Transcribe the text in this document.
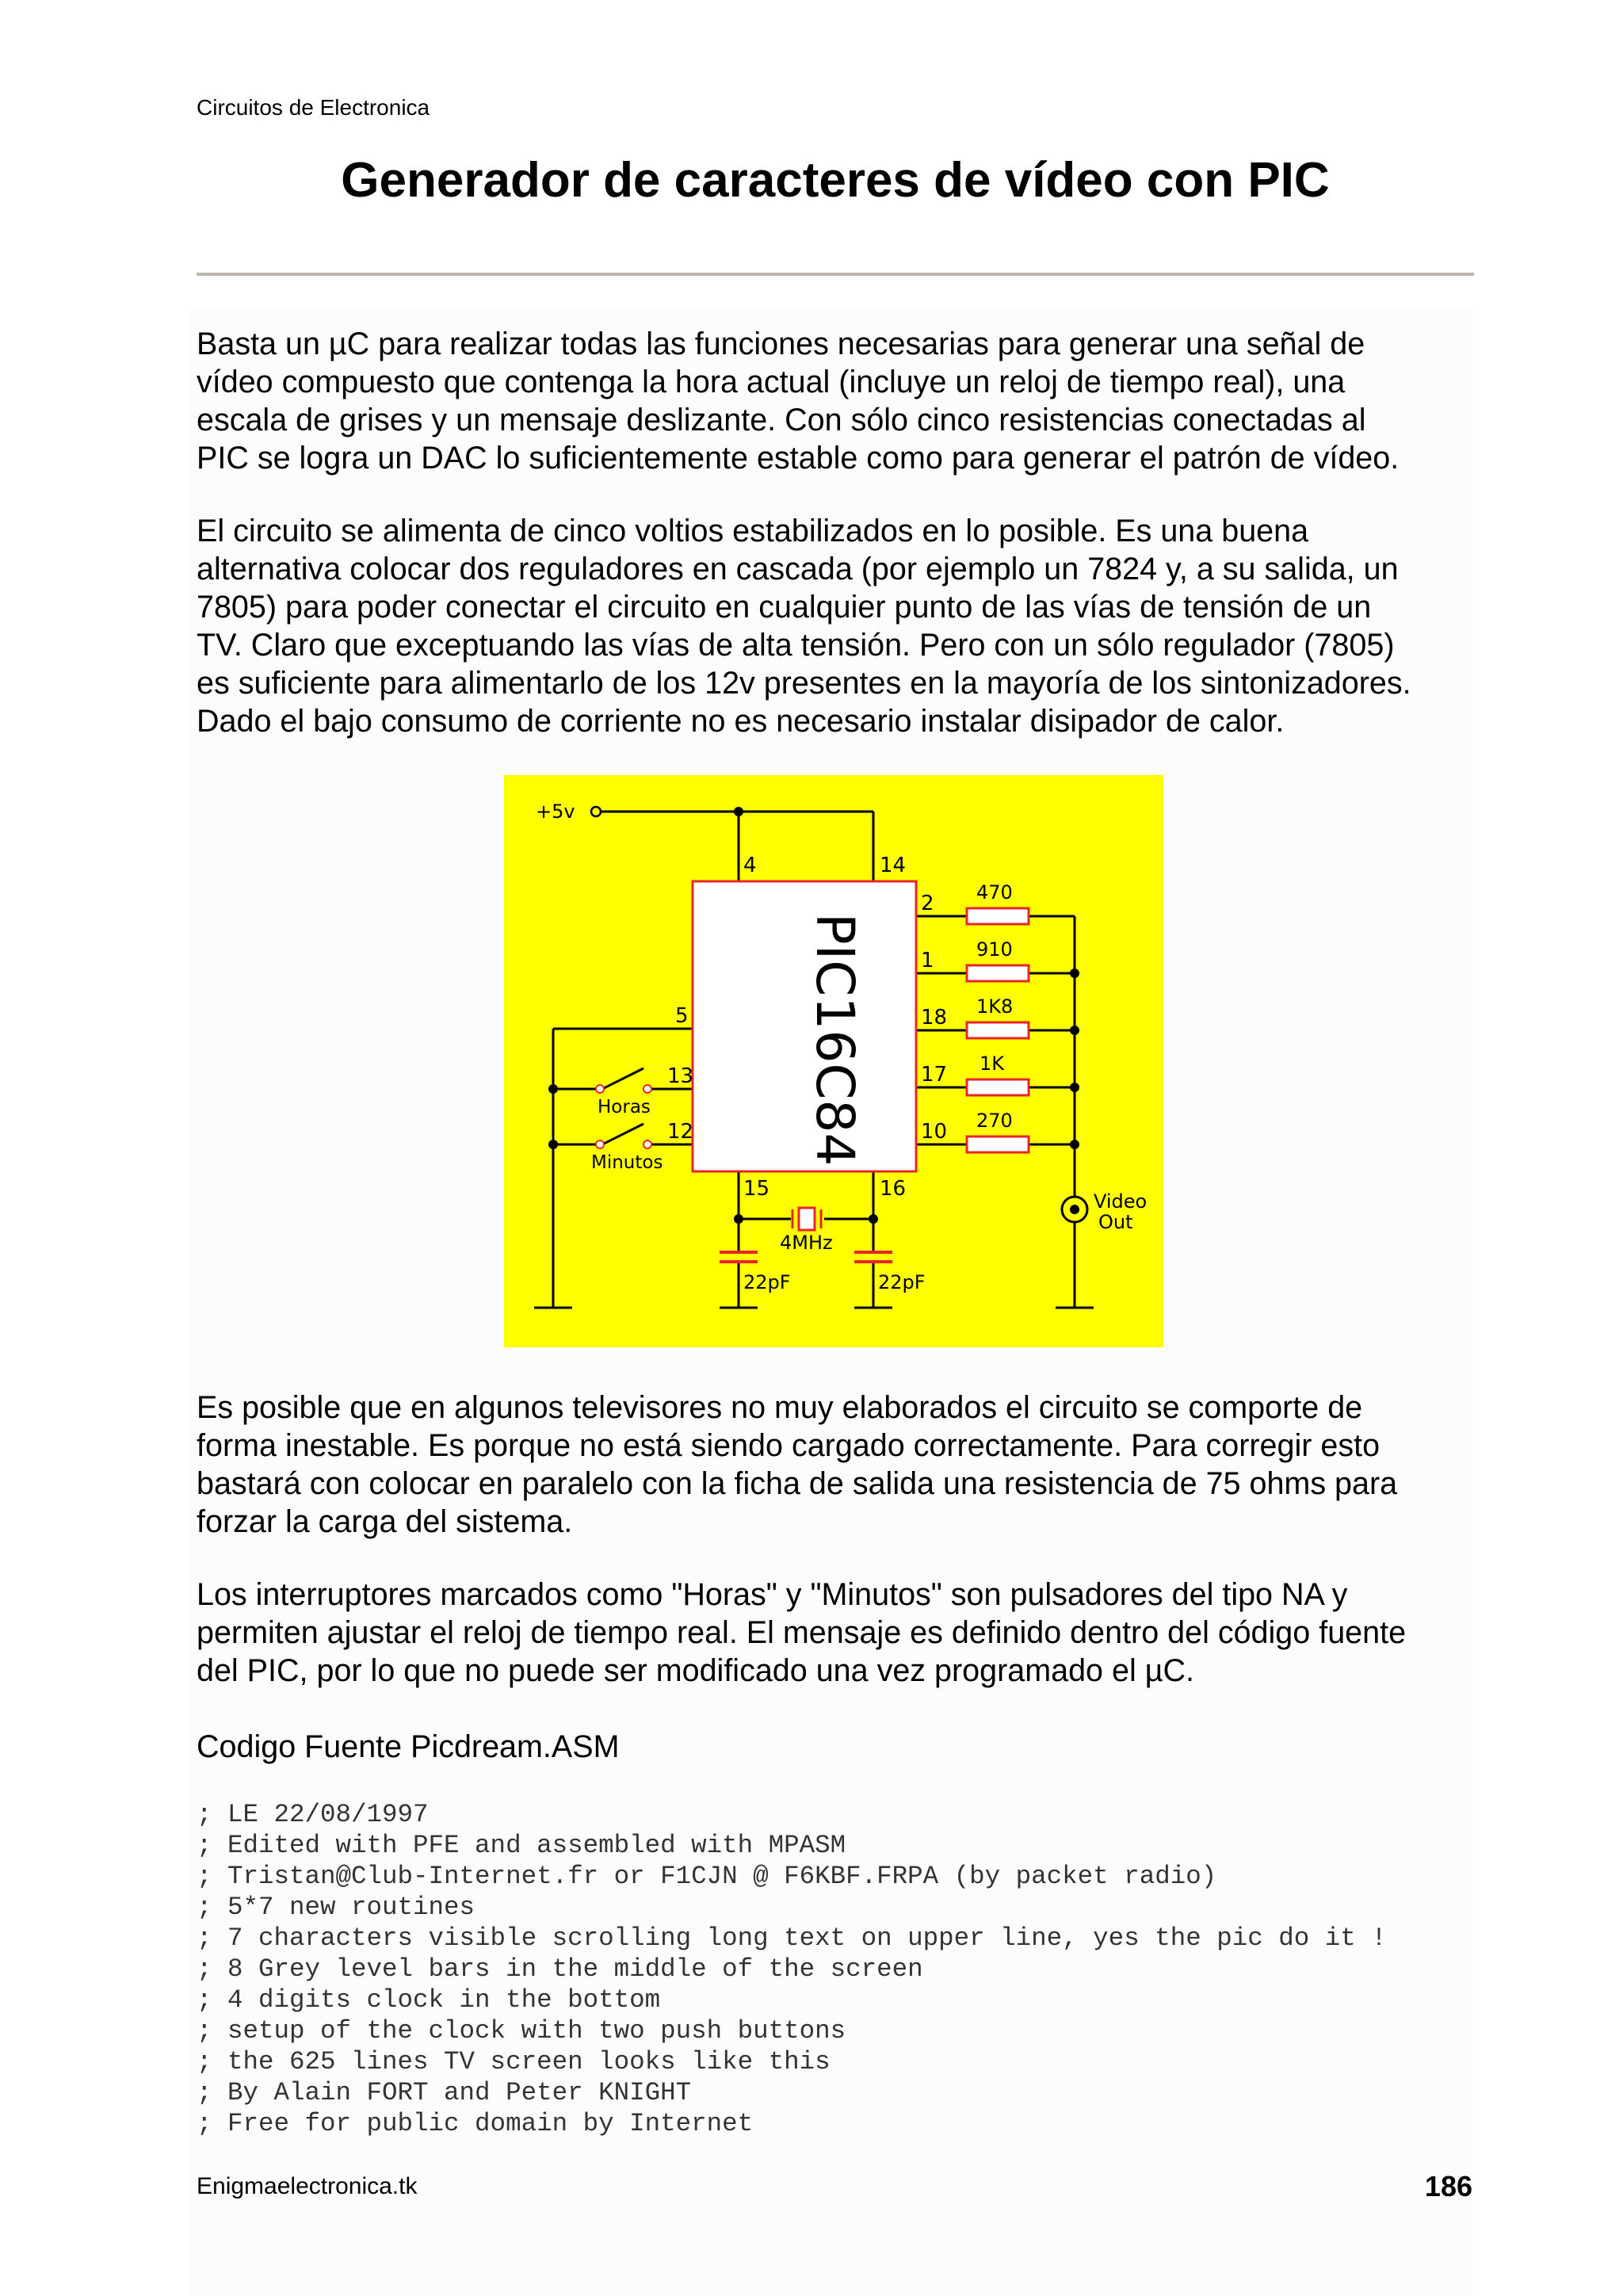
Circuitos de Electronica
Generador de caracteres de vídeo con PIC
Basta un µC para realizar todas las funciones necesarias para generar una señal de
vídeo compuesto que contenga la hora actual (incluye un reloj de tiempo real), una
escala de grises y un mensaje deslizante. Con sólo cinco resistencias conectadas al
PIC se logra un DAC lo suficientemente estable como para generar el patrón de vídeo.
El circuito se alimenta de cinco voltios estabilizados en lo posible. Es una buena
alternativa colocar dos reguladores en cascada (por ejemplo un 7824 y, a su salida, un
7805) para poder conectar el circuito en cualquier punto de las vías de tensión de un
TV. Claro que exceptuando las vías de alta tensión. Pero con un sólo regulador (7805)
es suficiente para alimentarlo de los 12v presentes en la mayoría de los sintonizadores.
Dado el bajo consumo de corriente no es necesario instalar disipador de calor.
PIC16C84
+5v
4	14
5
13
12
2
1
18
17
10
15	16
470
910
1K8
1K
270
Horas
Minutos
4MHz
22pF	22pF
Video
Out
Es posible que en algunos televisores no muy elaborados el circuito se comporte de
forma inestable. Es porque no está siendo cargado correctamente. Para corregir esto
bastará con colocar en paralelo con la ficha de salida una resistencia de 75 ohms para
forzar la carga del sistema.
Los interruptores marcados como "Horas" y "Minutos" son pulsadores del tipo NA y
permiten ajustar el reloj de tiempo real. El mensaje es definido dentro del código fuente
del PIC, por lo que no puede ser modificado una vez programado el µC.
Codigo Fuente Picdream.ASM
; LE 22/08/1997
; Edited with PFE and assembled with MPASM
; Tristan@Club-Internet.fr or F1CJN @ F6KBF.FRPA (by packet radio)
; 5*7 new routines
; 7 characters visible scrolling long text on upper line, yes the pic do it !
; 8 Grey level bars in the middle of the screen
; 4 digits clock in the bottom
; setup of the clock with two push buttons
; the 625 lines TV screen looks like this
; By Alain FORT and Peter KNIGHT
; Free for public domain by Internet
Enigmaelectronica.tk	186
